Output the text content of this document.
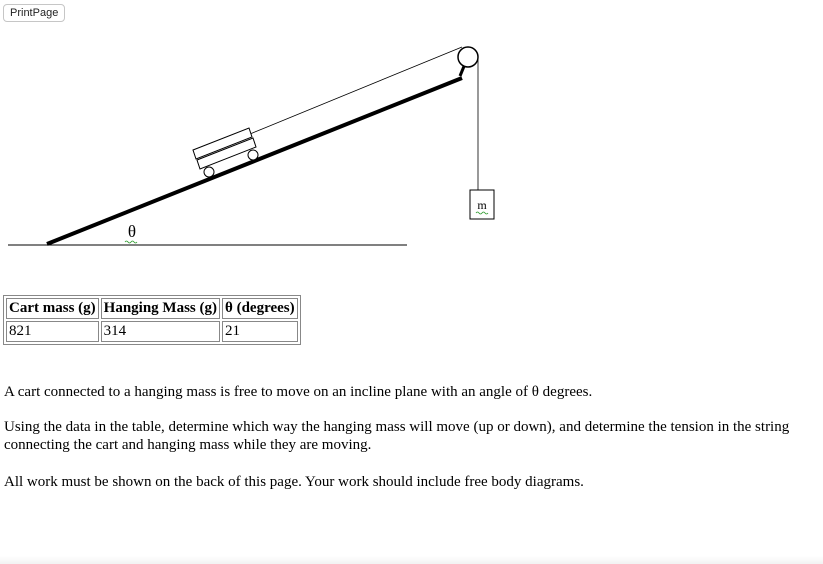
PrintPage
m
θ
Cart mass (g)	Hanging Mass (g)	θ (degrees)
821	314	21

A cart connected to a hanging mass is free to move on an incline plane with an angle of θ degrees.

Using the data in the table, determine which way the hanging mass will move (up or down), and determine the tension in the string connecting the cart and hanging mass while they are moving.

All work must be shown on the back of this page. Your work should include free body diagrams.
